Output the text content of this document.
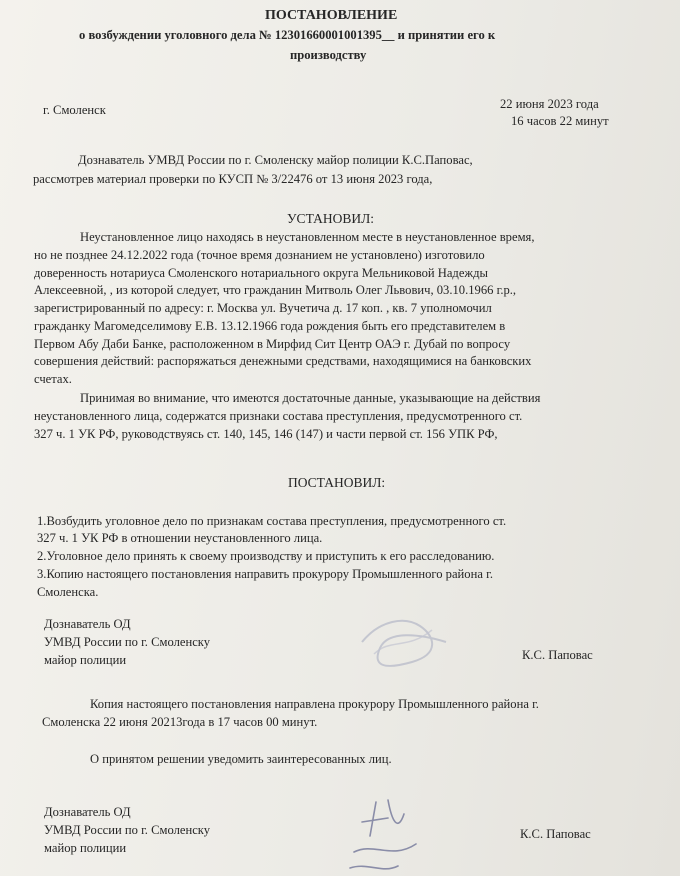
ПОСТАНОВЛЕНИЕ
о возбуждении уголовного дела № 12301660001001395__ и принятии его к
производству
г. Смоленск	22 июня 2023 года
16 часов 22 минут
Дознаватель УМВД России по г. Смоленску майор полиции К.С.Паповас,
рассмотрев материал проверки по КУСП № 3/22476 от 13 июня 2023 года,
УСТАНОВИЛ:
Неустановленное лицо находясь в неустановленном месте в неустановленное время,
но не позднее 24.12.2022 года (точное время дознанием не установлено) изготовило
доверенность нотариуса Смоленского нотариального округа Мельниковой Надежды
Алексеевной, , из которой следует, что гражданин Митволь Олег Львович, 03.10.1966 г.р.,
зарегистрированный по адресу: г. Москва ул. Вучетича д. 17 коп. , кв. 7 уполномочил
гражданку Магомедселимову Е.В. 13.12.1966 года рождения быть его представителем в
Первом Абу Даби Банке, расположенном в Мирфид Сит Центр ОАЭ г. Дубай по вопросу
совершения действий: распоряжаться денежными средствами, находящимися на банковских
счетах.
Принимая во внимание, что имеются достаточные данные, указывающие на действия
неустановленного лица, содержатся признаки состава преступления, предусмотренного ст.
327 ч. 1 УК РФ, руководствуясь ст. 140, 145, 146 (147) и части первой ст. 156 УПК РФ,
ПОСТАНОВИЛ:
1.Возбудить уголовное дело по признакам состава преступления, предусмотренного ст.
327 ч. 1 УК РФ в отношении неустановленного лица.
2.Уголовное дело принять к своему производству и приступить к его расследованию.
3.Копию настоящего постановления направить прокурору Промышленного района г.
Смоленска.
Дознаватель ОД
УМВД России по г. Смоленску
майор полиции	К.С. Паповас
Копия настоящего постановления направлена прокурору Промышленного района г.
Смоленска 22 июня 20213года в 17 часов 00 минут.
О принятом решении уведомить заинтересованных лиц.
Дознаватель ОД
УМВД России по г. Смоленску
майор полиции
К.С. Паповас
